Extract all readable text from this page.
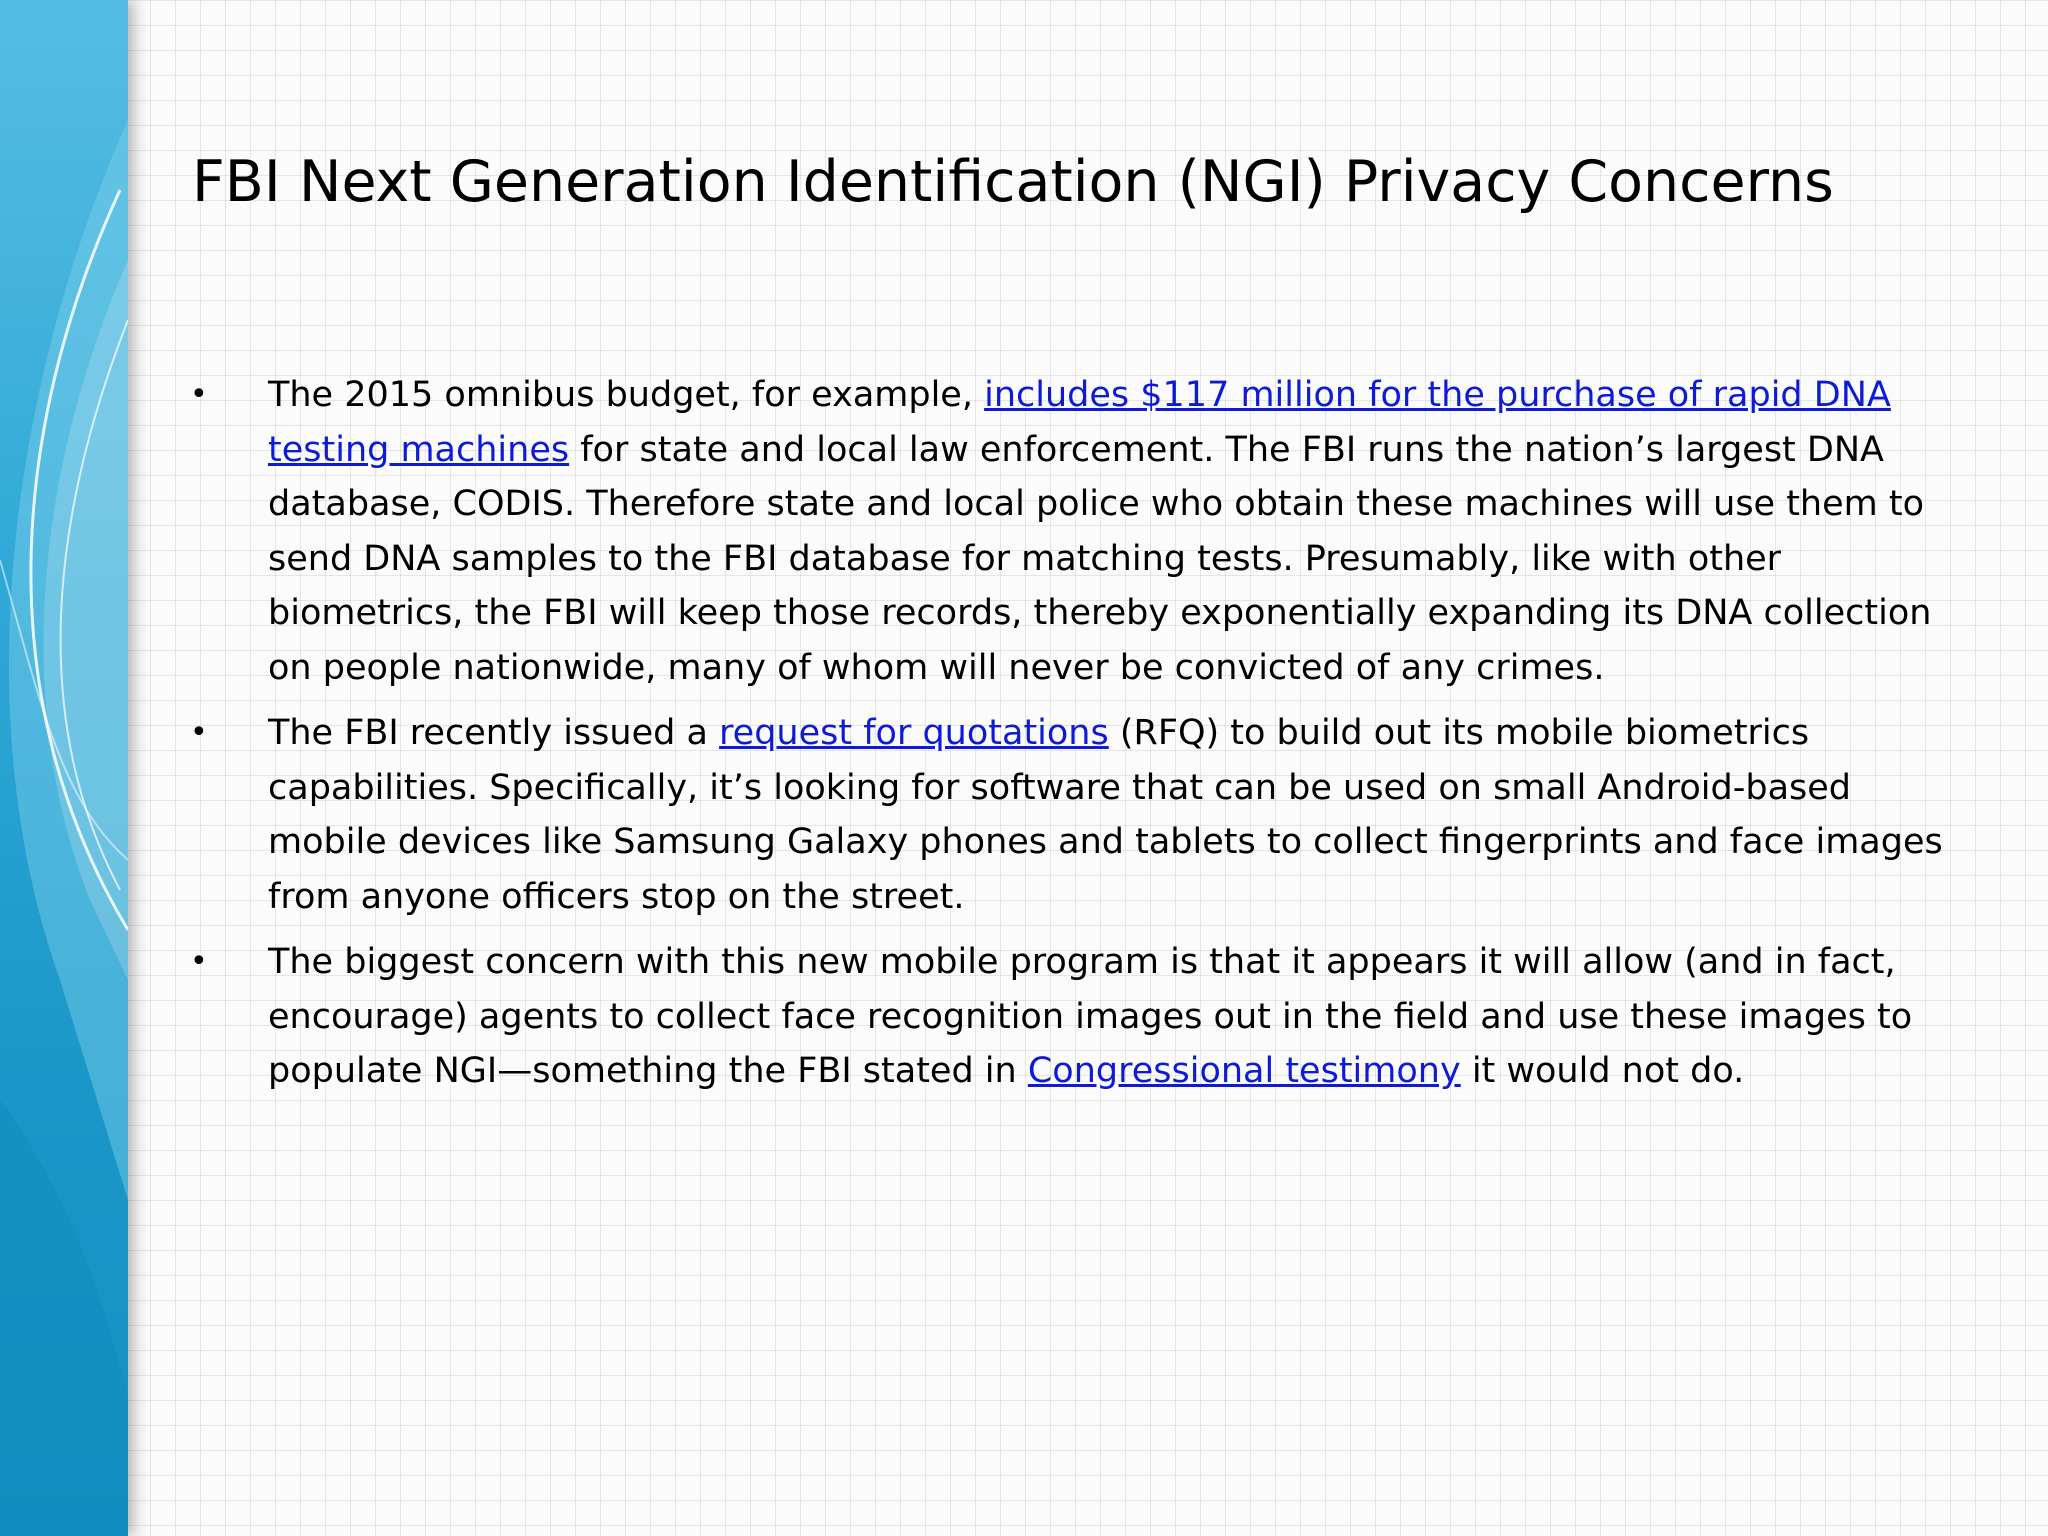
FBI Next Generation Identification (NGI) Privacy Concerns
•	The 2015 omnibus budget, for example, includes $117 million for the purchase of rapid DNA testing machines for state and local law enforcement. The FBI runs the nation’s largest DNA database, CODIS. Therefore state and local police who obtain these machines will use them to send DNA samples to the FBI database for matching tests. Presumably, like with other biometrics, the FBI will keep those records, thereby exponentially expanding its DNA collection on people nationwide, many of whom will never be convicted of any crimes.
•	The FBI recently issued a request for quotations (RFQ) to build out its mobile biometrics capabilities. Specifically, it’s looking for software that can be used on small Android-based mobile devices like Samsung Galaxy phones and tablets to collect fingerprints and face images from anyone officers stop on the street.
•	The biggest concern with this new mobile program is that it appears it will allow (and in fact, encourage) agents to collect face recognition images out in the field and use these images to populate NGI—something the FBI stated in Congressional testimony it would not do.
